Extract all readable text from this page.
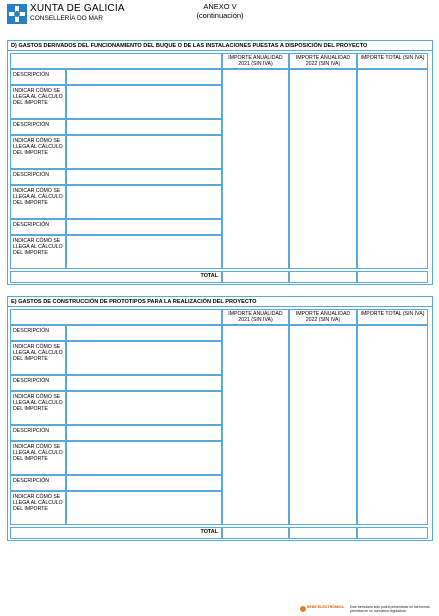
XUNTA DE GALICIA
CONSELLERÍA DO MAR
ANEXO V
(continuación)
D) GASTOS DERIVADOS DEL FUNCIONAMIENTO DEL BUQUE O DE LAS INSTALACIONES PUESTAS A DISPOSICIÓN DEL PROYECTO
IMPORTE ANUALIDAD 2021 (SIN IVA)
IMPORTE ANUALIDAD 2022 (SIN IVA)
IMPORTE TOTAL (SIN IVA)
DESCRIPCIÓN
INDICAR CÓMO SE LLEGA AL CÁLCULO DEL IMPORTE
DESCRIPCIÓN
INDICAR CÓMO SE LLEGA AL CÁLCULO DEL IMPORTE
DESCRIPCIÓN
INDICAR CÓMO SE LLEGA AL CÁLCULO DEL IMPORTE
DESCRIPCIÓN
INDICAR CÓMO SE LLEGA AL CÁLCULO DEL IMPORTE
TOTAL
E) GASTOS DE CONSTRUCCIÓN DE PROTOTIPOS PARA LA REALIZACIÓN DEL PROYECTO
IMPORTE ANUALIDAD 2021 (SIN IVA)
IMPORTE ANUALIDAD 2022 (SIN IVA)
IMPORTE TOTAL (SIN IVA)
DESCRIPCIÓN
INDICAR CÓMO SE LLEGA AL CÁLCULO DEL IMPORTE
DESCRIPCIÓN
INDICAR CÓMO SE LLEGA AL CÁLCULO DEL IMPORTE
DESCRIPCIÓN
INDICAR CÓMO SE LLEGA AL CÁLCULO DEL IMPORTE
DESCRIPCIÓN
INDICAR CÓMO SE LLEGA AL CÁLCULO DEL IMPORTE
TOTAL
SEDE ELECTRÓNICA Este formulario sólo podrá presentarse en las formas previstas en su normativa reguladora
